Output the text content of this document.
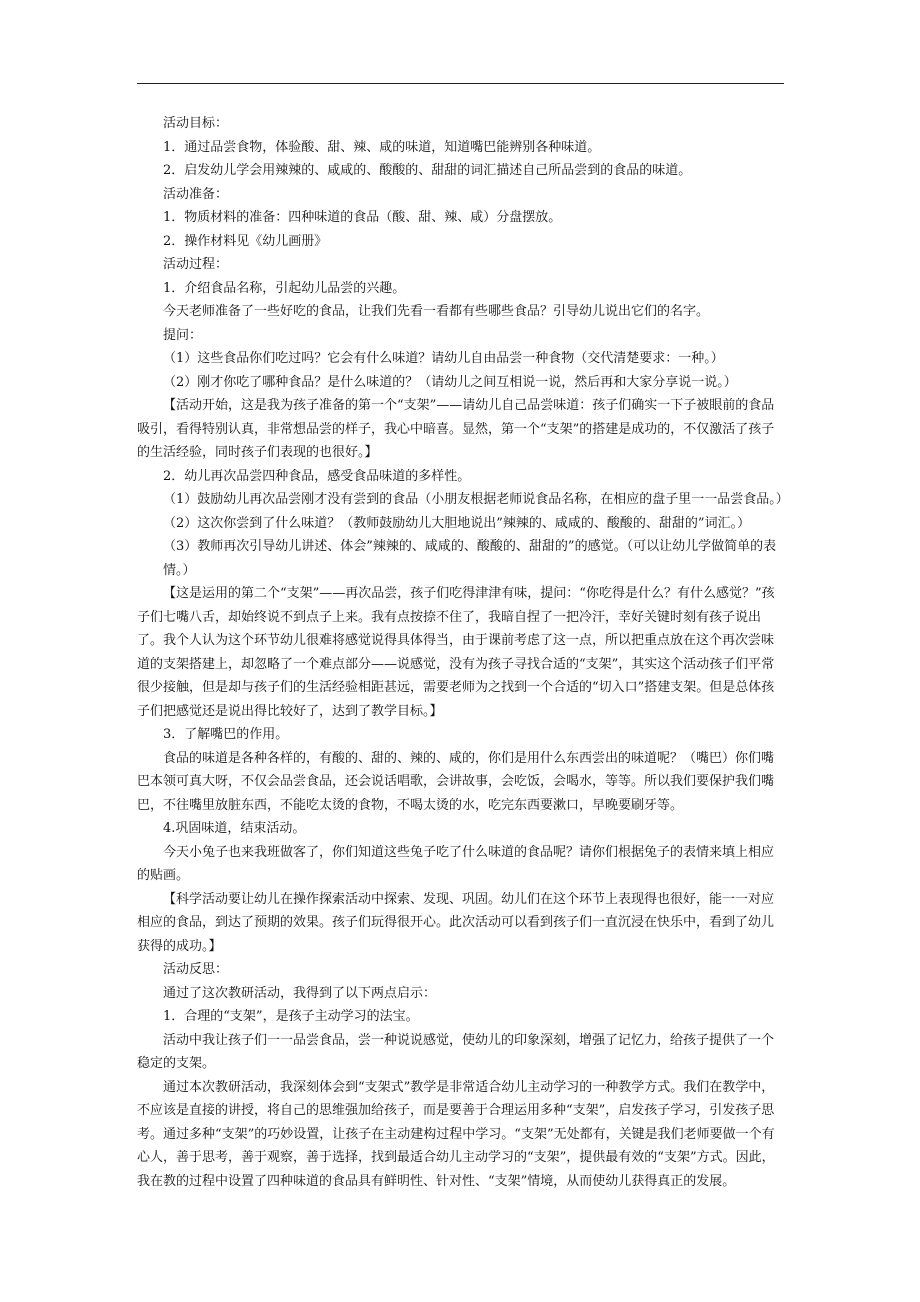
活动目标：

1．通过品尝食物，体验酸、甜、辣、咸的味道，知道嘴巴能辨别各种味道。

2．启发幼儿学会用辣辣的、咸咸的、酸酸的、甜甜的词汇描述自己所品尝到的食品的味道。

活动准备：

1．物质材料的准备：四种味道的食品（酸、甜、辣、咸）分盘摆放。

2．操作材料见《幼儿画册》

活动过程：

1．介绍食品名称，引起幼儿品尝的兴趣。

今天老师准备了一些好吃的食品，让我们先看一看都有些哪些食品？引导幼儿说出它们的名字。

提问：

（1）这些食品你们吃过吗？它会有什么味道？请幼儿自由品尝一种食物（交代清楚要求：一种。）

（2）刚才你吃了哪种食品？是什么味道的？（请幼儿之间互相说一说，然后再和大家分享说一说。）

【活动开始，这是我为孩子准备的第一个“支架”——请幼儿自己品尝味道：孩子们确实一下子被眼前的食品吸引，看得特别认真，非常想品尝的样子，我心中暗喜。显然，第一个“支架”的搭建是成功的，不仅激活了孩子的生活经验，同时孩子们表现的也很好。】

2．幼儿再次品尝四种食品，感受食品味道的多样性。

（1）鼓励幼儿再次品尝刚才没有尝到的食品（小朋友根据老师说食品名称，在相应的盘子里一一品尝食品。）

（2）这次你尝到了什么味道？（教师鼓励幼儿大胆地说出”辣辣的、咸咸的、酸酸的、甜甜的”词汇。）

（3）教师再次引导幼儿讲述、体会”辣辣的、咸咸的、酸酸的、甜甜的”的感觉。（可以让幼儿学做简单的表情。）

【这是运用的第二个“支架”——再次品尝，孩子们吃得津津有味，提问：“你吃得是什么？有什么感觉？”孩子们七嘴八舌，却始终说不到点子上来。我有点按捺不住了，我暗自捏了一把冷汗，幸好关键时刻有孩子说出了。我个人认为这个环节幼儿很难将感觉说得具体得当，由于课前考虑了这一点，所以把重点放在这个再次尝味道的支架搭建上，却忽略了一个难点部分——说感觉，没有为孩子寻找合适的“支架”，其实这个活动孩子们平常很少接触，但是却与孩子们的生活经验相距甚远，需要老师为之找到一个合适的“切入口”搭建支架。但是总体孩子们把感觉还是说出得比较好了，达到了教学目标。】

3．了解嘴巴的作用。

食品的味道是各种各样的，有酸的、甜的、辣的、咸的，你们是用什么东西尝出的味道呢？（嘴巴）你们嘴巴本领可真大呀，不仅会品尝食品，还会说话唱歌，会讲故事，会吃饭，会喝水，等等。所以我们要保护我们嘴巴，不往嘴里放脏东西，不能吃太烫的食物，不喝太烫的水，吃完东西要漱口，早晚要刷牙等。

4.巩固味道，结束活动。

今天小兔子也来我班做客了，你们知道这些兔子吃了什么味道的食品呢？请你们根据兔子的表情来填上相应的贴画。

【科学活动要让幼儿在操作探索活动中探索、发现、巩固。幼儿们在这个环节上表现得也很好，能一一对应相应的食品，到达了预期的效果。孩子们玩得很开心。此次活动可以看到孩子们一直沉浸在快乐中，看到了幼儿获得的成功。】

活动反思：

通过了这次教研活动，我得到了以下两点启示：

1．合理的“支架”，是孩子主动学习的法宝。

活动中我让孩子们一一品尝食品，尝一种说说感觉，使幼儿的印象深刻，增强了记忆力，给孩子提供了一个稳定的支架。

通过本次教研活动，我深刻体会到“支架式”教学是非常适合幼儿主动学习的一种教学方式。我们在教学中，不应该是直接的讲授，将自己的思维强加给孩子，而是要善于合理运用多种“支架”，启发孩子学习，引发孩子思考。通过多种“支架”的巧妙设置，让孩子在主动建构过程中学习。“支架”无处都有，关键是我们老师要做一个有心人，善于思考，善于观察，善于选择，找到最适合幼儿主动学习的“支架”，提供最有效的“支架”方式。因此，我在教的过程中设置了四种味道的食品具有鲜明性、针对性、“支架”情境，从而使幼儿获得真正的发展。
